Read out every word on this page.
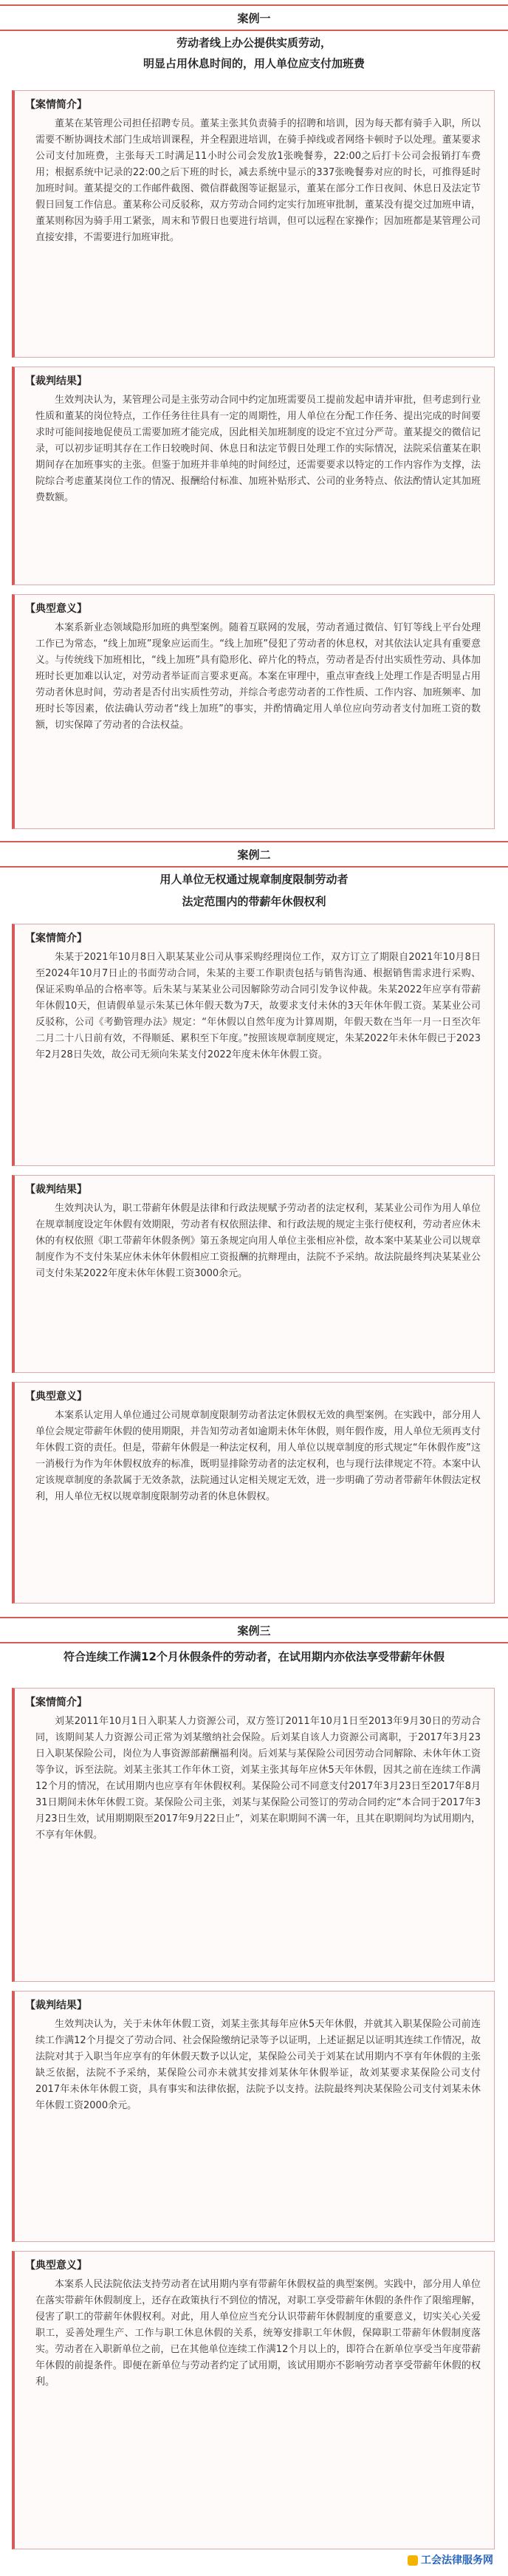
案例一
劳动者线上办公提供实质劳动，
明显占用休息时间的，用人单位应支付加班费
【案情简介】
董某在某管理公司担任招聘专员。董某主张其负责骑手的招聘和培训，因为每天都有骑手入职，所以需要不断协调技术部门生成培训课程，并全程跟进培训，在骑手掉线或者网络卡顿时予以处理。董某要求公司支付加班费，主张每天工时满足11小时公司会发放1张晚餐劵，22:00之后打卡公司会报销打车费用；根据系统中记录的22:00之后下班的时长，减去系统中显示的337张晚餐劵对应的时长，可推得延时加班时间。董某提交的工作邮件截图、微信群截图等证据显示，董某在部分工作日夜间、休息日及法定节假日回复工作信息。董某称公司反驳称，双方劳动合同约定实行加班审批制，董某没有提交过加班申请，董某则称因为骑手用工紧张，周末和节假日也要进行培训，但可以远程在家操作；因加班都是某管理公司直接安排，不需要进行加班审批。
【裁判结果】
生效判决认为，某管理公司是主张劳动合同中约定加班需要员工提前发起申请并审批，但考虑到行业性质和董某的岗位特点，工作任务往往具有一定的周期性，用人单位在分配工作任务、提出完成的时间要求时可能间接地促使员工需要加班才能完成，因此相关加班制度的设定不宜过分严苛。董某提交的微信记录，可以初步证明其存在工作日较晚时间、休息日和法定节假日处理工作的实际情况，法院采信董某在职期间存在加班事实的主张。但鉴于加班并非单纯的时间经过，还需要要求以特定的工作内容作为支撑，法院综合考虑董某岗位工作的情况、报酬给付标准、加班补贴形式、公司的业务特点、依法酌情认定其加班费数额。
【典型意义】
本案系新业态领域隐形加班的典型案例。随着互联网的发展，劳动者通过微信、钉钉等线上平台处理工作已为常态，“线上加班”现象应运而生。“线上加班”侵犯了劳动者的休息权，对其依法认定具有重要意义。与传统线下加班相比，“线上加班”具有隐形化、碎片化的特点，劳动者是否付出实质性劳动、具体加班时长更加难以认定，对劳动者举证而言要求更高。本案在审理中，重点审查线上处理工作是否明显占用劳动者休息时间，劳动者是否付出实质性劳动，并综合考虑劳动者的工作性质、工作内容、加班频率、加班时长等因素，依法确认劳动者“线上加班”的事实，并酌情确定用人单位应向劳动者支付加班工资的数额，切实保障了劳动者的合法权益。
案例二
用人单位无权通过规章制度限制劳动者
法定范围内的带薪年休假权利
【案情简介】
朱某于2021年10月8日入职某某业公司从事采购经理岗位工作，双方订立了期限自2021年10月8日至2024年10月7日止的书面劳动合同，朱某的主要工作职责包括与销售沟通、根据销售需求进行采购、保证采购单品的合格率等。后朱某与某某业公司因解除劳动合同引发争议仲裁。朱某2022年应享有带薪年休假10天，但请假单显示朱某已休年假天数为7天，故要求支付未休的3天年休年假工资。某某业公司反驳称，公司《考勤管理办法》规定：“年休假以自然年度为计算周期，年假天数在当年一月一日至次年二月二十八日前有效，不得顺延、累积至下年度。”按照该规章制度规定，朱某2022年未休年假已于2023年2月28日失效，故公司无须向朱某支付2022年度未休年休假工资。
【裁判结果】
生效判决认为，职工带薪年休假是法律和行政法规赋予劳动者的法定权利，某某业公司作为用人单位在规章制度设定年休假有效期限，劳动者有权依照法律、和行政法规的规定主张行使权利，劳动者应休未休的有权依照《职工带薪年休假条例》第五条规定向用人单位主张相应补偿，故本案中某某业公司以规章制度作为不支付朱某应休未休年休假相应工资报酬的抗辩理由，法院不予采纳。故法院最终判决某某业公司支付朱某2022年度未休年休假工资3000余元。
【典型意义】
本案系认定用人单位通过公司规章制度限制劳动者法定休假权无效的典型案例。在实践中，部分用人单位会规定带薪年休假的使用期限，并告知劳动者如逾期未休年休假，则年假作废，用人单位无须再支付年休假工资的责任。但是，带薪年休假是一种法定权利，用人单位以规章制度的形式规定“年休假作废”这一消极行为作为年休假权放弃的标准，既明显排除劳动者的法定权利，也与现行法律规定不符。本案中认定该规章制度的条款属于无效条款，法院通过认定相关规定无效，进一步明确了劳动者带薪年休假法定权利，用人单位无权以规章制度限制劳动者的休息休假权。
案例三
符合连续工作满12个月休假条件的劳动者，在试用期内亦依法享受带薪年休假
【案情简介】
刘某2011年10月1日入职某人力资源公司，双方签订2011年10月1日至2013年9月30日的劳动合同，该期间某人力资源公司正常为刘某缴纳社会保险。后刘某自该人力资源公司离职，于2017年3月23日入职某保险公司，岗位为人事资源部薪酬福利岗。后刘某与某保险公司因劳动合同解除、未休年休工资等争议，诉至法院。刘某主张其工作年休工资，刘某主张其每年应休5天年休假，因其之前在连续工作满12个月的情况，在试用期内也应享有年休假权利。某保险公司不同意支付2017年3月23日至2017年8月31日期间未休年休假工资。某保险公司主张，刘某与某保险公司签订的劳动合同约定“本合同于2017年3月23日生效，试用期期限至2017年9月22日止”，刘某在职期间不满一年，且其在职期间均为试用期内，不享有年休假。
【裁判结果】
生效判决认为，关于未休年休假工资，刘某主张其每年应休5天年休假，并就其入职某保险公司前连续工作满12个月提交了劳动合同、社会保险缴纳记录等予以证明，上述证据足以证明其连续工作情况，故法院对其于入职当年应享有的年休假天数予以认定，某保险公司关于刘某在试用期内不享有年休假的主张缺乏依据，法院不予采纳，某保险公司亦未就其安排刘某休年休假举证，故刘某要求某保险公司支付2017年未休年休假工资，具有事实和法律依据，法院予以支持。法院最终判决某保险公司支付刘某未休年休假工资2000余元。
【典型意义】
本案系人民法院依法支持劳动者在试用期内享有带薪年休假权益的典型案例。实践中，部分用人单位在落实带薪年休假制度上，还存在政策执行不到位的情况，对职工享受带薪年休假的条件作了限缩理解，侵害了职工的带薪年休假权利。对此，用人单位应当充分认识带薪年休假制度的重要意义，切实关心关爱职工，妥善处理生产、工作与职工休息休假的关系，统筹安排职工年休假，保障职工带薪年休假制度落实。劳动者在入职新单位之前，已在其他单位连续工作满12个月以上的，即符合在新单位享受当年度带薪年休假的前提条件。即便在新单位与劳动者约定了试用期，该试用期亦不影响劳动者享受带薪年休假的权利。
工会法律服务网
